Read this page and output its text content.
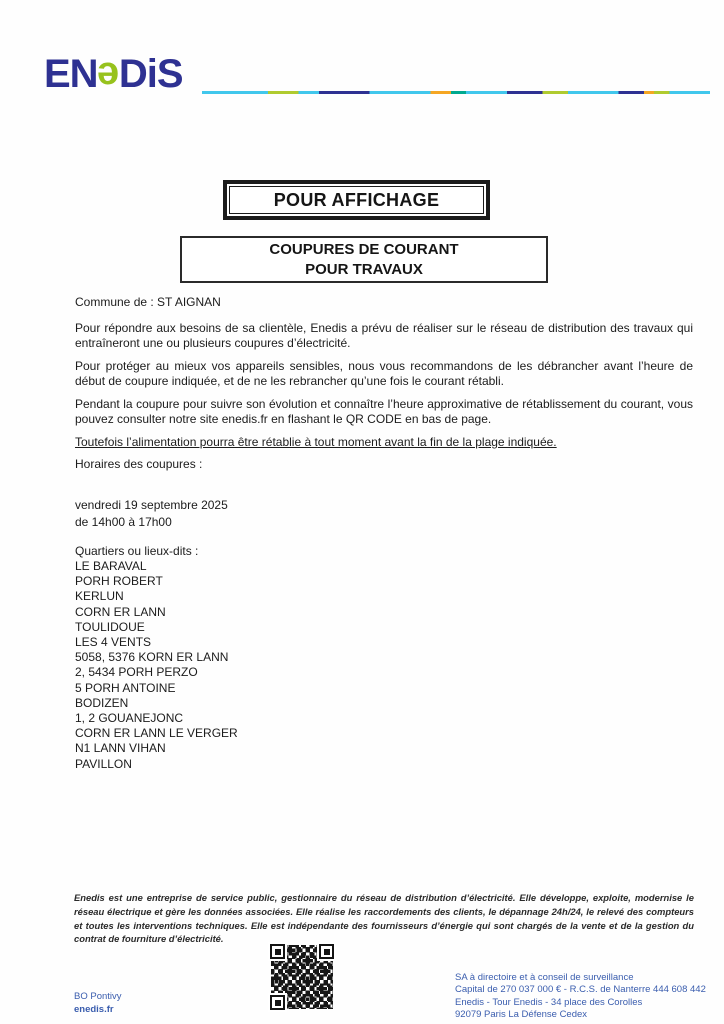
ENeDiS
POUR AFFICHAGE
COUPURES DE COURANT
POUR TRAVAUX

Commune de : ST AIGNAN

Pour répondre aux besoins de sa clientèle, Enedis a prévu de réaliser sur le réseau de distribution des travaux qui entraîneront une ou plusieurs coupures d’électricité.

Pour protéger au mieux vos appareils sensibles, nous vous recommandons de les débrancher avant l’heure de début de coupure indiquée, et de ne les rebrancher qu’une fois le courant rétabli.

Pendant la coupure pour suivre son évolution et connaître l’heure approximative de rétablissement du courant, vous pouvez consulter notre site enedis.fr en flashant le QR CODE en bas de page.

Toutefois l’alimentation pourra être rétablie à tout moment avant la fin de la plage indiquée.

Horaires des coupures :

vendredi 19 septembre 2025

de 14h00 à 17h00

Quartiers ou lieux-dits :

LE BARAVAL
PORH ROBERT
KERLUN
CORN ER LANN
TOULIDOUE
LES 4 VENTS
5058, 5376 KORN ER LANN
2, 5434 PORH PERZO
5 PORH ANTOINE
BODIZEN
1, 2 GOUANEJONC
CORN ER LANN LE VERGER
N1 LANN VIHAN
PAVILLON

Enedis est une entreprise de service public, gestionnaire du réseau de distribution d’électricité. Elle développe, exploite, modernise le réseau électrique et gère les données associées. Elle réalise les raccordements des clients, le dépannage 24h/24, le relevé des compteurs et toutes les interventions techniques. Elle est indépendante des fournisseurs d’énergie qui sont chargés de la vente et de la gestion du contrat de fourniture d’électricité.

BO Pontivy
enedis.fr
SA à directoire et à conseil de surveillance
Capital de 270 037 000 € - R.C.S. de Nanterre 444 608 442
Enedis - Tour Enedis - 34 place des Corolles
92079 Paris La Défense Cedex
